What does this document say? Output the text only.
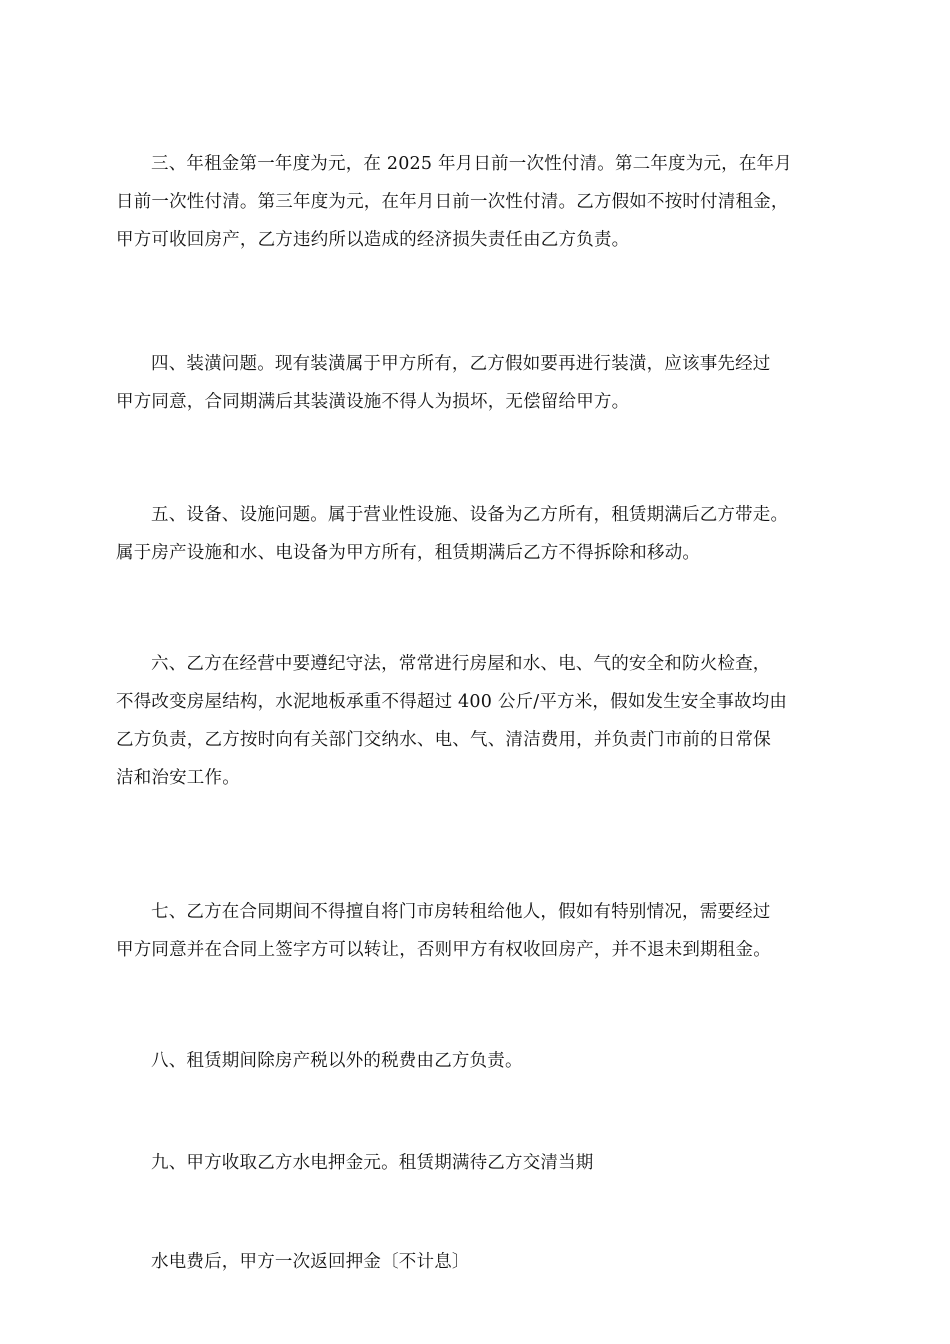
三、年租金第一年度为元，在 2025 年月日前一次性付清。第二年度为元，在年月
日前一次性付清。第三年度为元，在年月日前一次性付清。乙方假如不按时付清租金，
甲方可收回房产，乙方违约所以造成的经济损失责任由乙方负责。
四、装潢问题。现有装潢属于甲方所有，乙方假如要再进行装潢，应该事先经过
甲方同意，合同期满后其装潢设施不得人为损坏，无偿留给甲方。
五、设备、设施问题。属于营业性设施、设备为乙方所有，租赁期满后乙方带走。
属于房产设施和水、电设备为甲方所有，租赁期满后乙方不得拆除和移动。
六、乙方在经营中要遵纪守法，常常进行房屋和水、电、气的安全和防火检查，
不得改变房屋结构，水泥地板承重不得超过 400 公斤/平方米，假如发生安全事故均由
乙方负责，乙方按时向有关部门交纳水、电、气、清洁费用，并负责门市前的日常保
洁和治安工作。
七、乙方在合同期间不得擅自将门市房转租给他人，假如有特别情况，需要经过
甲方同意并在合同上签字方可以转让，否则甲方有权收回房产，并不退未到期租金。

八、租赁期间除房产税以外的税费由乙方负责。

九、甲方收取乙方水电押金元。租赁期满待乙方交清当期

水电费后，甲方一次返回押金〔不计息〕
